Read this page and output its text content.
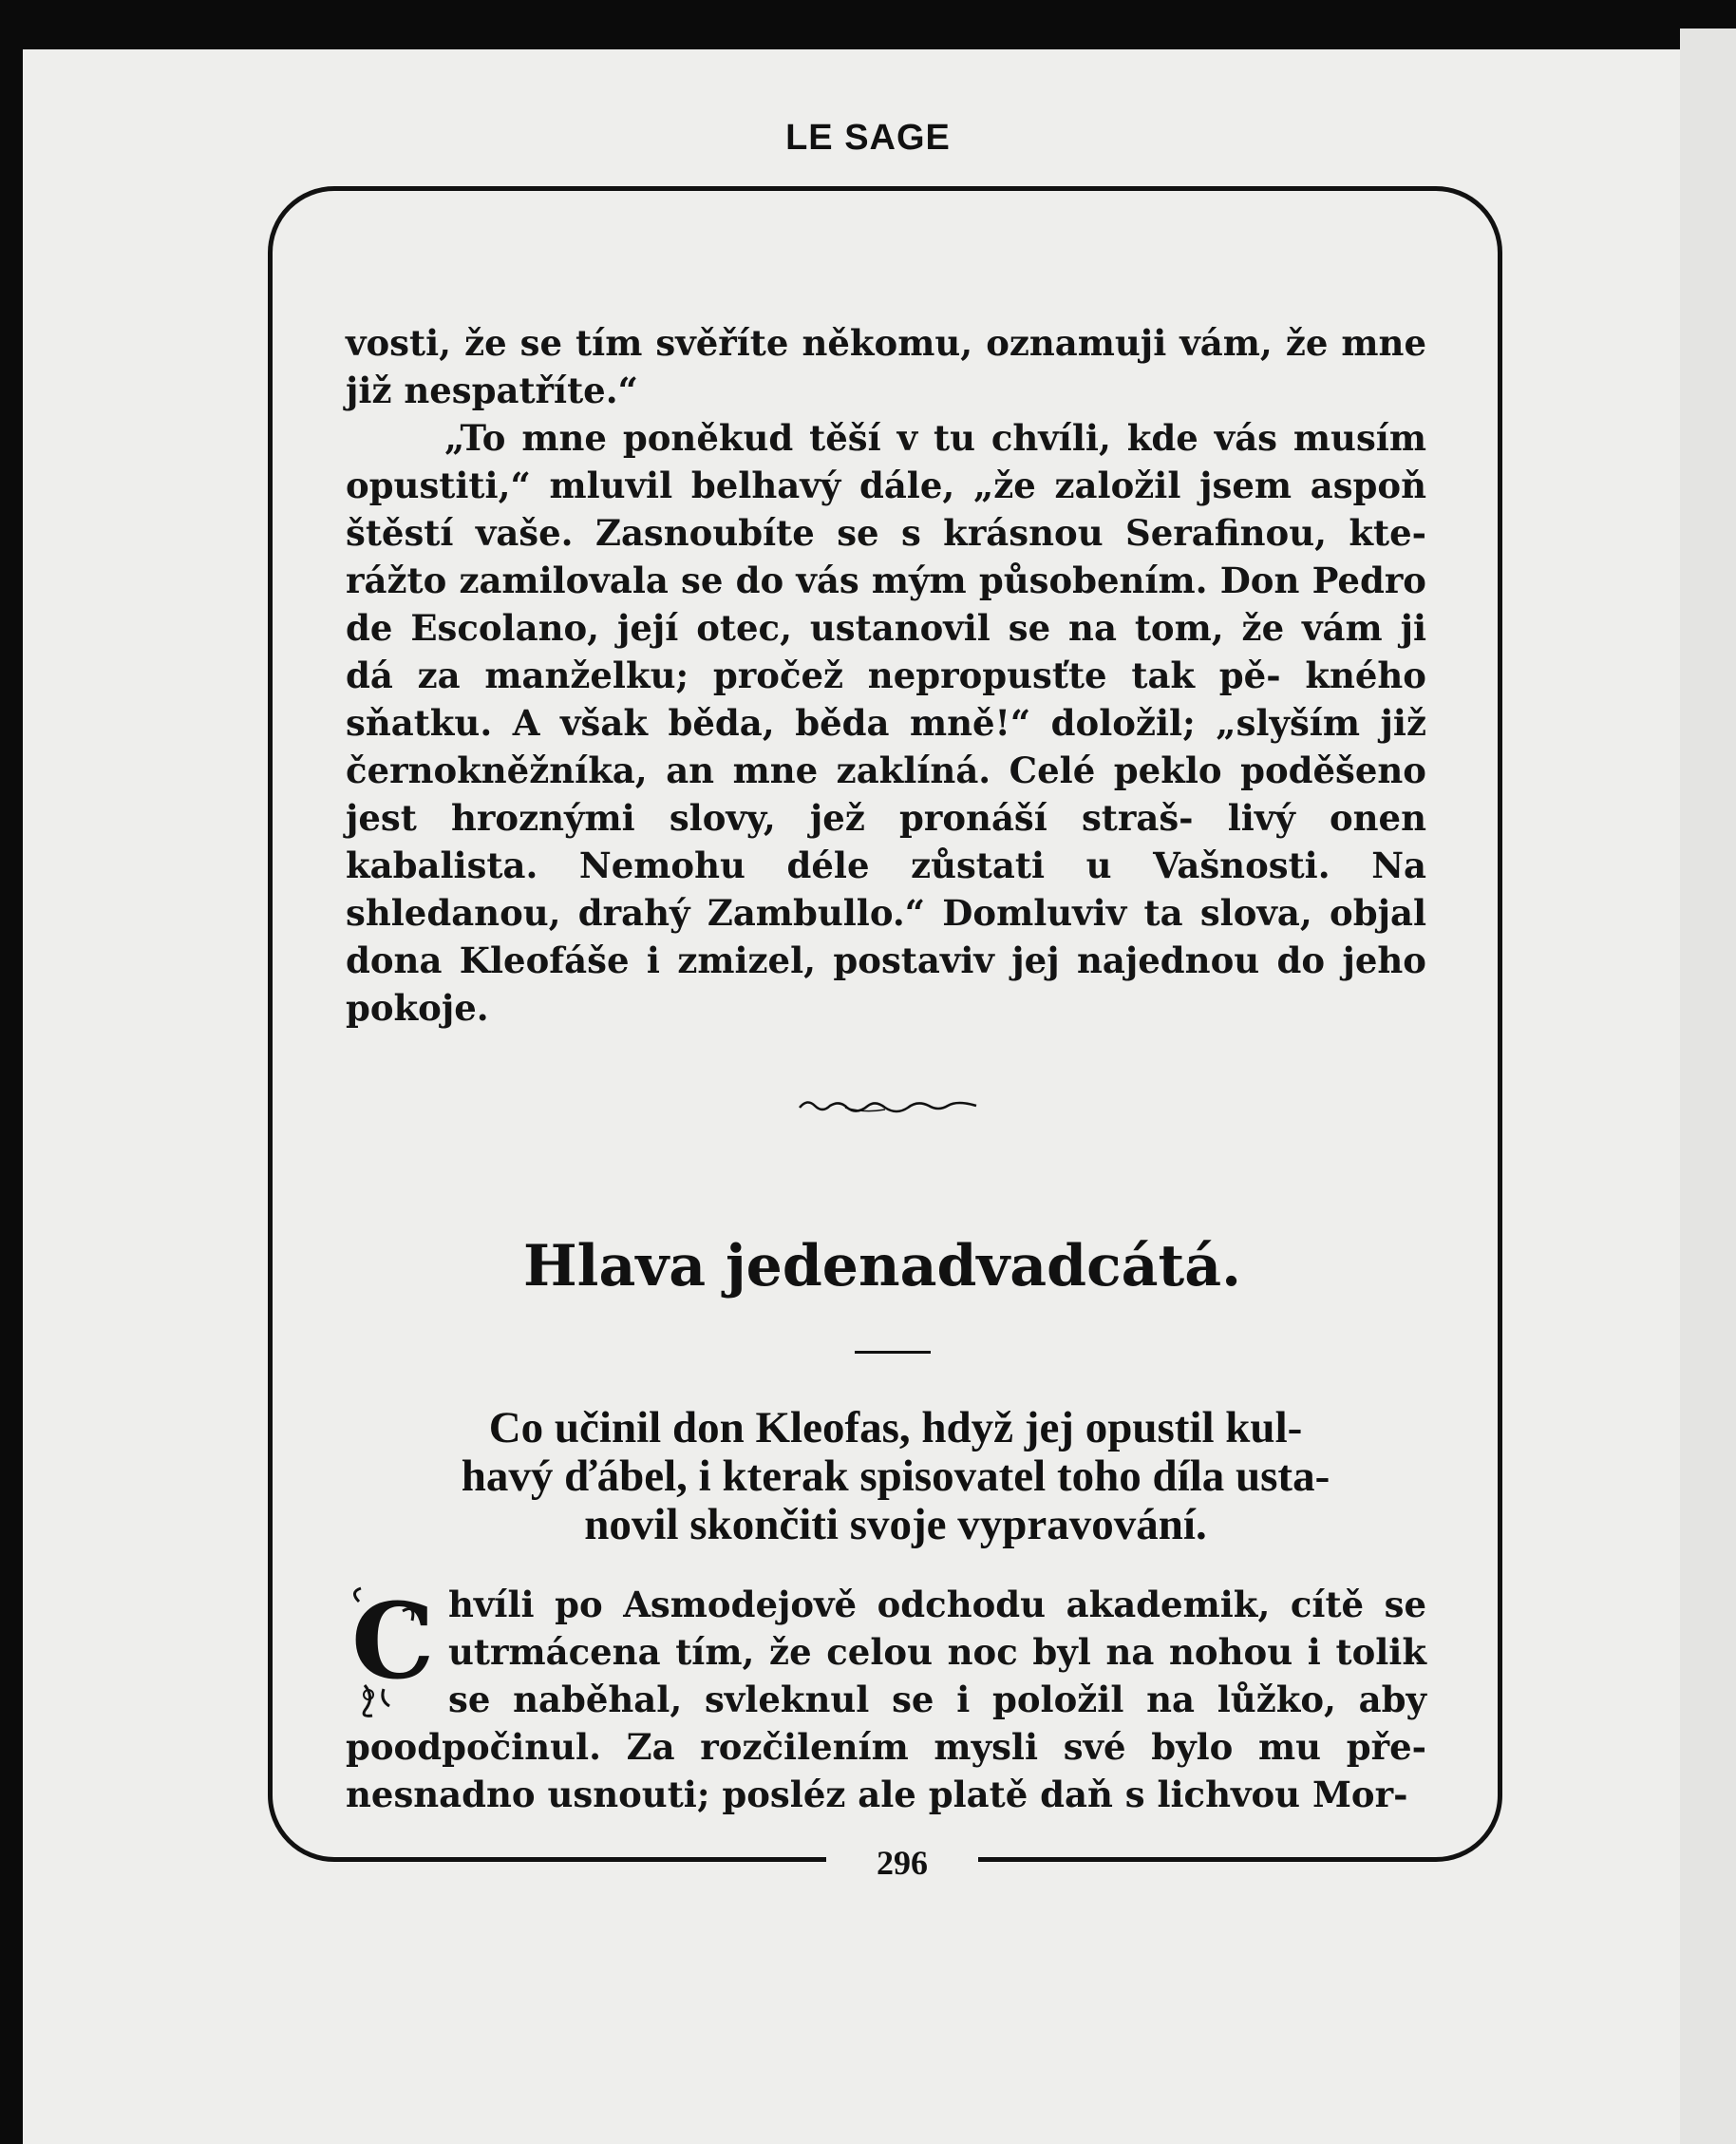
LE SAGE
296

vosti, že se tím svěříte někomu, oznamuji vám, že mne již nespatříte.“

„To mne poněkud těší v tu chvíli, kde vás musím opustiti,“ mluvil belhavý dále, „že založil jsem aspoň štěstí vaše. Zasnoubíte se s krásnou Serafinou, kte- rážto zamilovala se do vás mým působením. Don Pedro de Escolano, její otec, ustanovil se na tom, že vám ji dá za manželku; pročež nepropusťte tak pě- kného sňatku. A však běda, běda mně!“ doložil; „slyším již černokněžníka, an mne zaklíná. Celé peklo poděšeno jest hroznými slovy, jež pronáší straš- livý onen kabalista. Nemohu déle zůstati u Vašnosti. Na shledanou, drahý Zambullo.“ Domluviv ta slova, objal dona Kleofáše i zmizel, postaviv jej najednou do jeho pokoje.

Hlava jedenadvadcátá.
Co učinil don Kleofas, hdyž jej opustil kul-
havý ďábel, i kterak spisovatel toho díla usta-
novil skončiti svoje vypravování.
C hvíli po Asmodejově odchodu akademik, cítě se utrmácena tím, že celou noc byl na nohou i tolik se naběhal, svleknul se i položil na lůžko, aby poodpočinul. Za rozčilením mysli své bylo mu pře- nesnadno usnouti; posléz ale platě daň s lichvou Mor-
